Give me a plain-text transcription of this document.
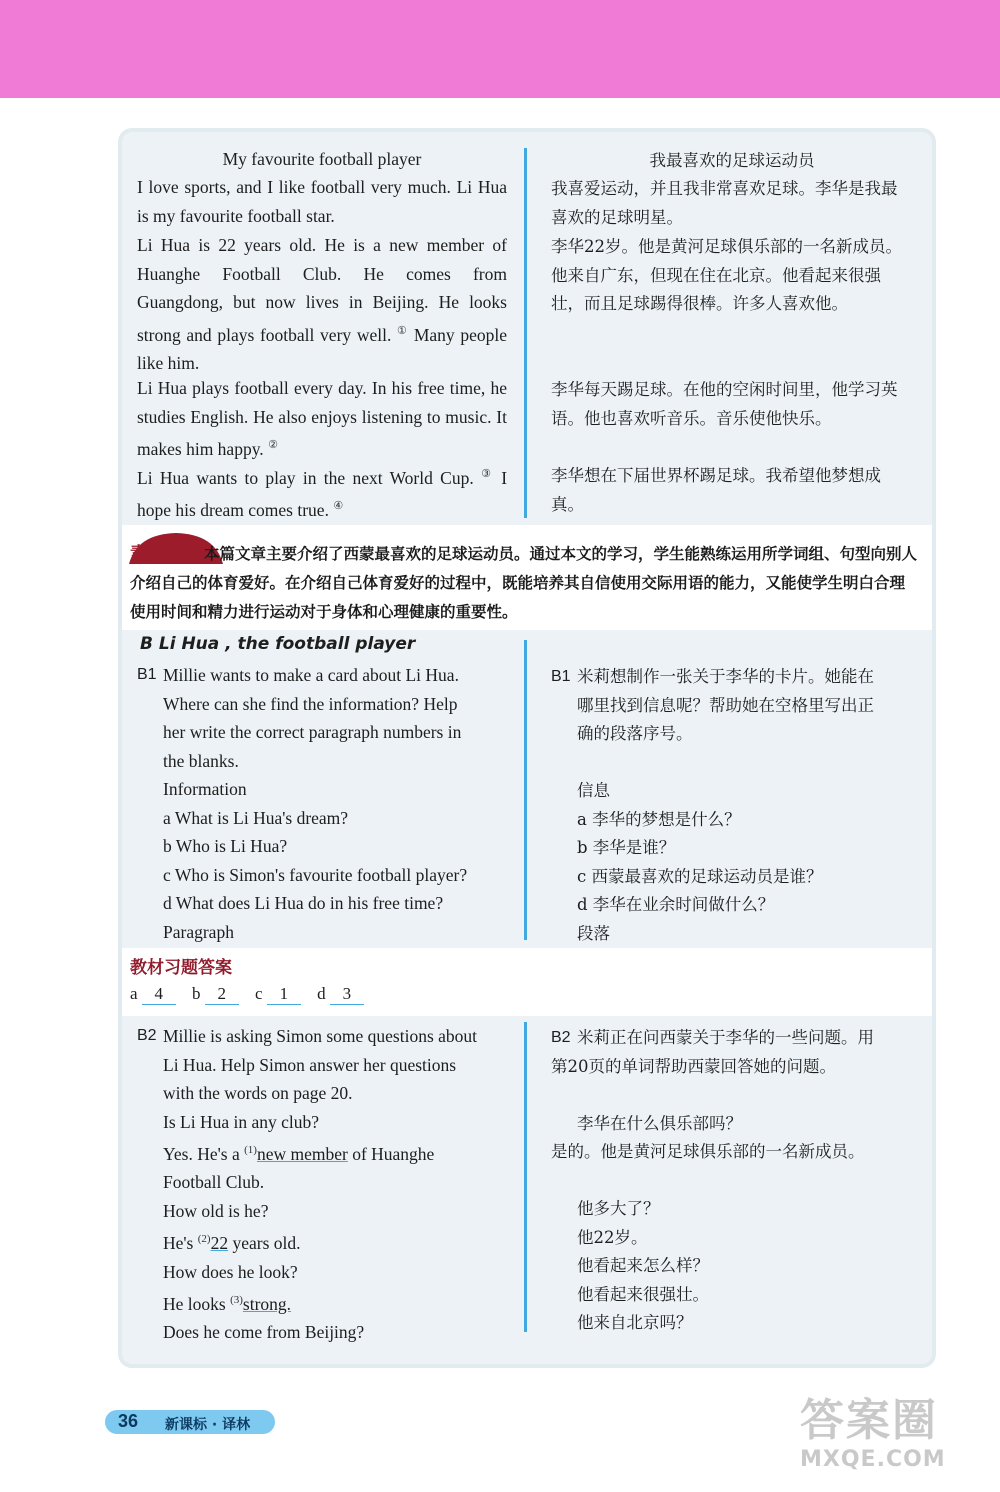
My favourite football player
I love sports, and I like football very much. Li Hua is my favourite football star.
Li Hua is 22 years old. He is a new member of Huanghe Football Club. He comes from Guangdong, but now lives in Beijing. He looks strong and plays football very well. ① Many people like him.
Li Hua plays football every day. In his free time, he studies English. He also enjoys listening to music. It makes him happy. ②
Li Hua wants to play in the next World Cup. ③ I hope his dream comes true. ④
我最喜欢的足球运动员
我喜爱运动，并且我非常喜欢足球。李华是我最喜欢的足球明星。
李华22岁。他是黄河足球俱乐部的一名新成员。他来自广东，但现在住在北京。他看起来很强壮，而且足球踢得很棒。许多人喜欢他。
李华每天踢足球。在他的空闲时间里，他学习英语。他也喜欢听音乐。音乐使他快乐。
李华想在下届世界杯踢足球。我希望他梦想成真。
素养呈现 本篇文章主要介绍了西蒙最喜欢的足球运动员。通过本文的学习，学生能熟练运用所学词组、句型向别人介绍自己的体育爱好。在介绍自己体育爱好的过程中，既能培养其自信使用交际用语的能力，又能使学生明白合理使用时间和精力进行运动对于身体和心理健康的重要性。
B Li Hua , the football player
B1 Millie wants to make a card about Li Hua.
Where can she find the information? Help
her write the correct paragraph numbers in
the blanks.
Information
a What is Li Hua's dream?
b Who is Li Hua?
c Who is Simon's favourite football player?
d What does Li Hua do in his free time?
Paragraph
B1 米莉想制作一张关于李华的卡片。她能在
哪里找到信息呢？帮助她在空格里写出正
确的段落序号。
信息
a 李华的梦想是什么？
b 李华是谁？
c 西蒙最喜欢的足球运动员是谁？
d 李华在业余时间做什么？
段落
教材习题答案
a 4 b 2 c 1 d 3
B2 Millie is asking Simon some questions about
Li Hua. Help Simon answer her questions
with the words on page 20.
Is Li Hua in any club?
Yes. He's a $^{(1)}$new member of Huanghe
Football Club.
How old is he?
He's $^{(2)}$22 years old.
How does he look?
He looks $^{(3)}$strong.
Does he come from Beijing?
B2 米莉正在问西蒙关于李华的一些问题。用
第20页的单词帮助西蒙回答她的问题。
李华在什么俱乐部吗？
是的。他是黄河足球俱乐部的一名新成员。
他多大了？
他22岁。
他看起来怎么样？
他看起来很强壮。
他来自北京吗？
36 新课标 · 译林	答案圈
MXQE.COM
